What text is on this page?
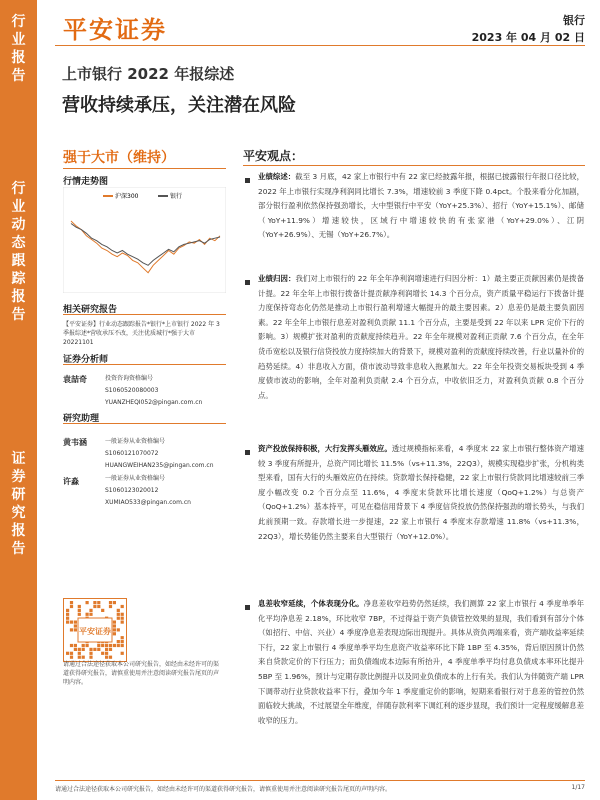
行
业
报
告
行
业
动
态
跟
踪
报
告
证
券
研
究
报
告
平安证券	银行
2023 年 04 月 02 日
上市银行 2022 年报综述
营收持续承压，关注潜在风险
强于大市（维持）
行情走势图
沪深300	银行
相关研究报告
【平安证券】行业动态跟踪报告*银行*上市银行 2022 年 3 季报综述*营收承压不改，关注优质城行*强于大市 20221101
证券分析师
袁喆奇	投资咨询资格编号
S1060520080003
YUANZHEQI052@pingan.com.cn
研究助理
黄韦涵	一般证券从业资格编号
S1060121070072
HUANGWEIHAN235@pingan.com.cn
许淼	一般证券从业资格编号
S1060123020012
XUMIAO533@pingan.com.cn
平安证券
请通过合法途径获取本公司研究报告，如经由未经许可的渠道获得研究报告，请慎重使用并注意阅读研究报告尾页的声明内容。
平安观点：
业绩综述：截至 3 月底，42 家上市银行中有 22 家已经披露年报，根据已披露银行年报口径比较，2022 年上市银行实现净利润同比增长 7.3%，增速较前 3 季度下降 0.4pct。个股来看分化加剧，部分银行盈利依然保持强劲增长，大中型银行中平安（YoY+25.3%）、招行（YoY+15.1%）、邮储（YoY+11.9%）增速较快，区域行中增速较快的有张家港（YoY+29.0%）、江阴（YoY+26.9%）、无锡（YoY+26.7%）。
业绩归因：我们对上市银行的 22 年全年净利润增速进行归因分析：1）最主要正贡献因素仍是拨备计提。22 年全年上市银行拨备计提贡献净利润增长 14.3 个百分点，资产质量平稳运行下拨备计提力度保持弯态化仍然是推动上市银行盈利增速大幅提升的最主要因素。2）息差仍是最主要负面因素。22 年全年上市银行息差对盈利负贡献 11.1 个百分点，主要是受到 22 年以来 LPR 定价下行的影响。3）规模扩张对盈利的贡献度持续趋升。22 年全年规模对盈利正贡献 7.6 个百分点，在全年货币宽松以及银行信贷投放力度持续加大的背景下，规模对盈利的贡献度持续改善，行业以量补价的趋势延续。4）非息收入方面，债市波动导致非息收入拖累加大。22 年全年投资交易板块受到 4 季度债市波动的影响，全年对盈利负贡献 2.4 个百分点，中收依旧乏力，对盈利负贡献 0.8 个百分点。
资产投放保持积极，大行发挥头雁效应。透过规模指标来看，4 季度末 22 家上市银行整体资产增速较 3 季度有所提升，总资产同比增长 11.5%（vs+11.3%，22Q3），规模实现稳步扩张，分机构类型来看，国有大行的头雁效应仍在持续。贷款增长保持稳健，22 家上市银行贷款同比增速较前三季度小幅改变 0.2 个百分点至 11.6%，4 季度末贷款环比增长速度（QoQ+1.2%）与总资产（QoQ+1.2%）基本持平，可见在稳信用背景下 4 季度信贷投放仍然保持强劲的增长势头，与我们此前预期一致。存款增长进一步提速，22 家上市银行 4 季度末存款增速 11.8%（vs+11.3%，22Q3），增长势能仍然主要来自大型银行（YoY+12.0%）。
息差收窄延续，个体表现分化。净息差收窄趋势仍然延续，我们测算 22 家上市银行 4 季度单季年化平均净息差 2.18%，环比收窄 7BP，不过得益于资产负债管控效果的显现，我们看到有部分个体（如招行、中信、兴业）4 季度净息差表现边际出现提升。具体从资负两端来看，资产端收益率延续下行，22 家上市银行 4 季度单季平均生息资产收益率环比下降 1BP 至 4.35%，背后原因预计仍然来自贷款定价的下行压力；而负债端成本边际有所抬升，4 季度单季平均付息负债成本率环比提升 5BP 至 1.96%，预计与定期存款比例提升以及同业负债成本的上行有关。我们认为伴随资产端 LPR 下调带动行业贷款收益率下行，叠加今年 1 季度重定价的影响，短期来看银行对于息差的管控仍然面临较大挑战，不过展望全年维度，伴随存款利率下调红利的逐步显现，我们预计一定程度缓解息差收窄的压力。
请通过合法途径获取本公司研究报告，如经由未经许可的渠道获得研究报告，请慎重使用并注意阅读研究报告尾页的声明内容。	1/17
